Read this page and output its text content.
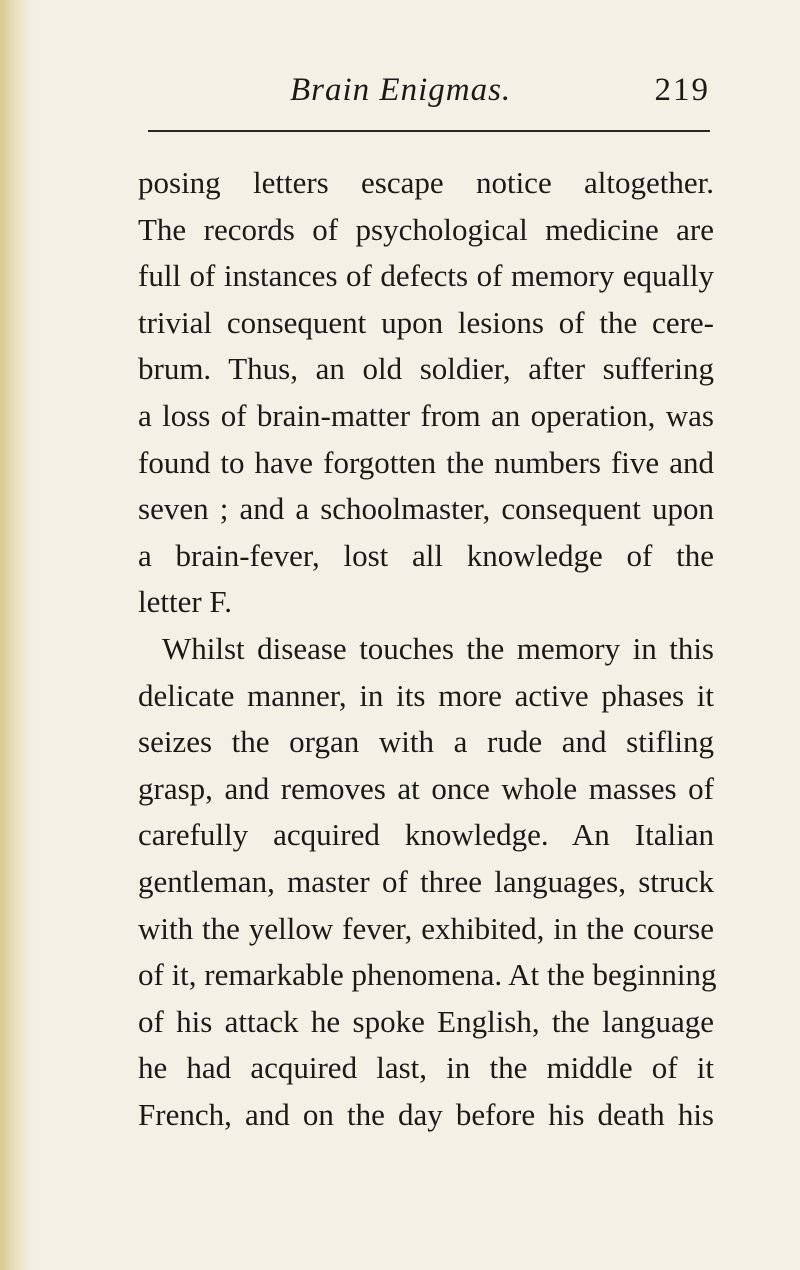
Brain Enigmas.	219
posing letters escape notice altogether.
The records of psychological medicine are
full of instances of defects of memory equally
trivial consequent upon lesions of the cere-
brum. Thus, an old soldier, after suffering
a loss of brain-matter from an operation, was
found to have forgotten the numbers five and
seven ; and a schoolmaster, consequent upon
a brain-fever, lost all knowledge of the
letter F.
Whilst disease touches the memory in this
delicate manner, in its more active phases it
seizes the organ with a rude and stifling
grasp, and removes at once whole masses of
carefully acquired knowledge. An Italian
gentleman, master of three languages, struck
with the yellow fever, exhibited, in the course
of it, remarkable phenomena. At the beginning
of his attack he spoke English, the language
he had acquired last, in the middle of it
French, and on the day before his death his
